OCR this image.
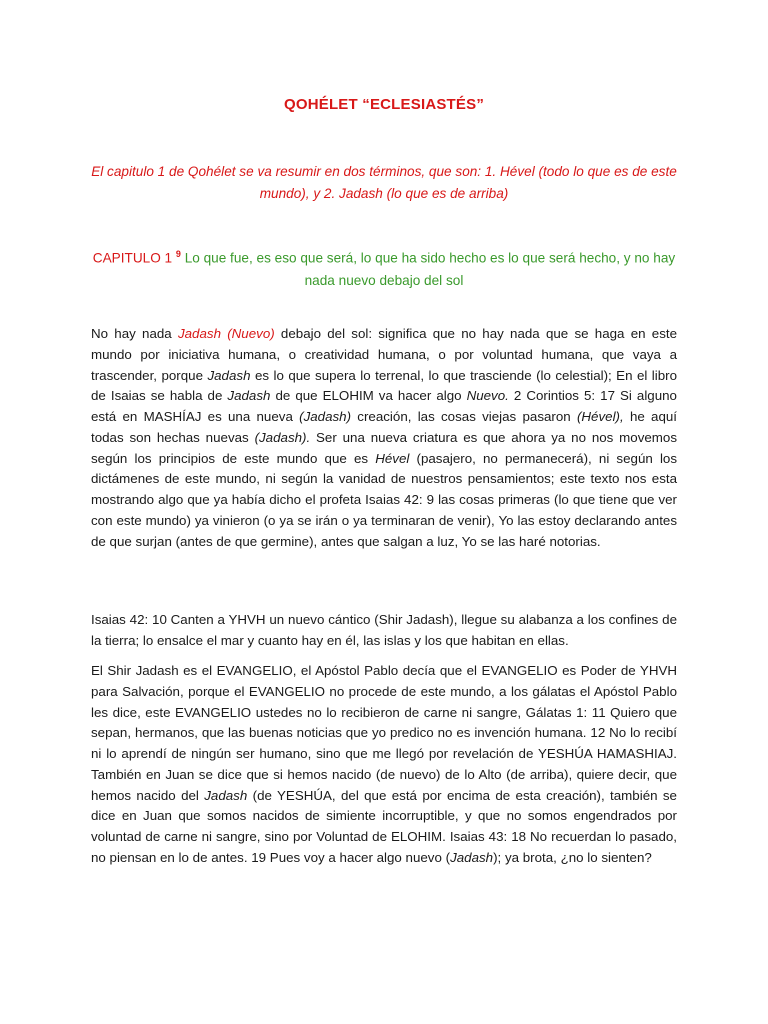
QOHÉLET “ECLESIASTÉS”
El capitulo 1 de Qohélet se va resumir en dos términos, que son: 1. Hével (todo lo que es de este mundo), y 2. Jadash (lo que es de arriba)
CAPITULO 1 $^9$ Lo que fue, es eso que será, lo que ha sido hecho es lo que será hecho, y no hay nada nuevo debajo del sol
No hay nada Jadash (Nuevo) debajo del sol: significa que no hay nada que se haga en este mundo por iniciativa humana, o creatividad humana, o por voluntad humana, que vaya a trascender, porque Jadash es lo que supera lo terrenal, lo que trasciende (lo celestial); En el libro de Isaias se habla de Jadash de que ELOHIM va hacer algo Nuevo. 2 Corintios 5: 17 Si alguno está en MASHÍAJ es una nueva (Jadash) creación, las cosas viejas pasaron (Hével), he aquí todas son hechas nuevas (Jadash). Ser una nueva criatura es que ahora ya no nos movemos según los principios de este mundo que es Hével (pasajero, no permanecerá), ni según los dictámenes de este mundo, ni según la vanidad de nuestros pensamientos; este texto nos esta mostrando algo que ya había dicho el profeta Isaias 42: 9 las cosas primeras (lo que tiene que ver con este mundo) ya vinieron (o ya se irán o ya terminaran de venir), Yo las estoy declarando antes de que surjan (antes de que germine), antes que salgan a luz, Yo se las haré notorias.
Isaias 42: 10 Canten a YHVH un nuevo cántico (Shir Jadash), llegue su alabanza a los confines de la tierra; lo ensalce el mar y cuanto hay en él, las islas y los que habitan en ellas.
El Shir Jadash es el EVANGELIO, el Apóstol Pablo decía que el EVANGELIO es Poder de YHVH para Salvación, porque el EVANGELIO no procede de este mundo, a los gálatas el Apóstol Pablo les dice, este EVANGELIO ustedes no lo recibieron de carne ni sangre, Gálatas 1: 11 Quiero que sepan, hermanos, que las buenas noticias que yo predico no es invención humana. 12 No lo recibí ni lo aprendí de ningún ser humano, sino que me llegó por revelación de YESHÚA HAMASHIAJ. También en Juan se dice que si hemos nacido (de nuevo) de lo Alto (de arriba), quiere decir, que hemos nacido del Jadash (de YESHÚA, del que está por encima de esta creación), también se dice en Juan que somos nacidos de simiente incorruptible, y que no somos engendrados por voluntad de carne ni sangre, sino por Voluntad de ELOHIM. Isaias 43: 18 No recuerdan lo pasado, no piensan en lo de antes. 19 Pues voy a hacer algo nuevo (Jadash); ya brota, ¿no lo sienten?
